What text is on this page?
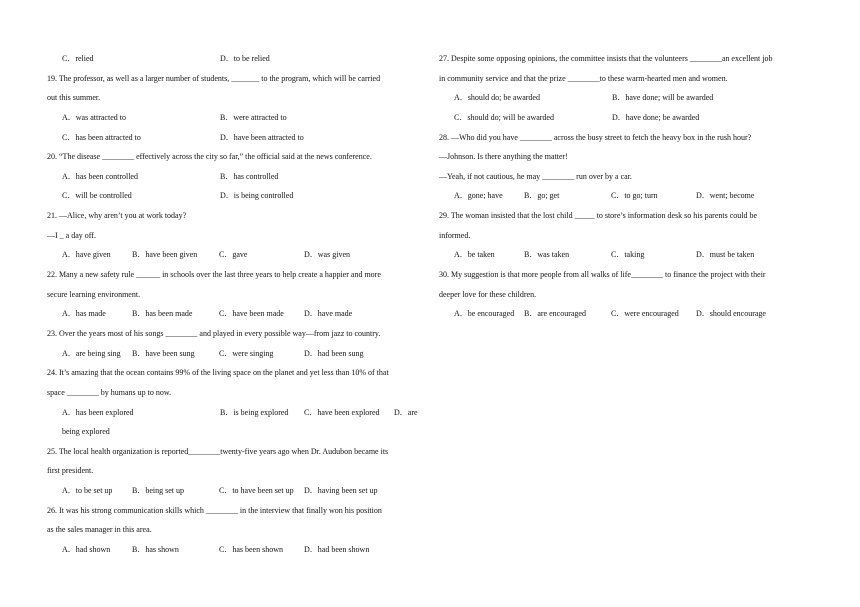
C．relied	D．to be relied
19. The professor, as well as a larger number of students, _______ to the program, which will be carried
out this summer.
A．was attracted to	B．were attracted to
C．has been attracted to	D．have been attracted to
20. “The disease ________ effectively across the city so far,” the official said at the news conference.
A．has been controlled	B．has controlled
C．will be controlled	D．is being controlled
21. —Alice, why aren’t you at work today?
—I _ a day off.
A．have given	B．have been given	C．gave	D．was given
22. Many a new safety rule ______ in schools over the last three years to help create a happier and more
secure learning environment.
A．has made	B．has been made	C．have been made	D．have made
23. Over the years most of his songs ________ and played in every possible way—from jazz to country.
A．are being sing B．have been sung	C．were singing	D．had been sung
24. It’s amazing that the ocean contains 99% of the living space on the planet and yet less than 10% of that
space ________ by humans up to now.
A．has been explored	B．is being explored C．have been explored D．are
being explored
25. The local health organization is reported________twenty-five years ago when Dr. Audubon became its
first president.
A．to be set up B．being set up	C．to have been set up D．having been set up
26. It was his strong communication skills which ________ in the interview that finally won his position
as the sales manager in this area.
A．had shown	B．has shown	C．has been shown	D．had been shown
27. Despite some opposing opinions, the committee insists that the volunteers ________an excellent job
in community service and that the prize ________to these warm-hearted men and women.
A．should do; be awarded	B．have done; will be awarded
C．should do; will be awarded	D．have done; be awarded
28. —Who did you have ________ across the busy street to fetch the heavy box in the rush hour?
—Johnson. Is there anything the matter!
—Yeah, if not cautious, he may ________ run over by a car.
A．gone; have	B．go; get	C．to go; turn	D．went; become
29. The woman insisted that the lost child _____ to store’s information desk so his parents could be
informed.
A．be taken	B．was taken	C．taking	D．must be taken
30. My suggestion is that more people from all walks of life________ to finance the project with their
deeper love for these children.
A．be encouraged B．are encouraged	C．were encouraged D．should encourage
